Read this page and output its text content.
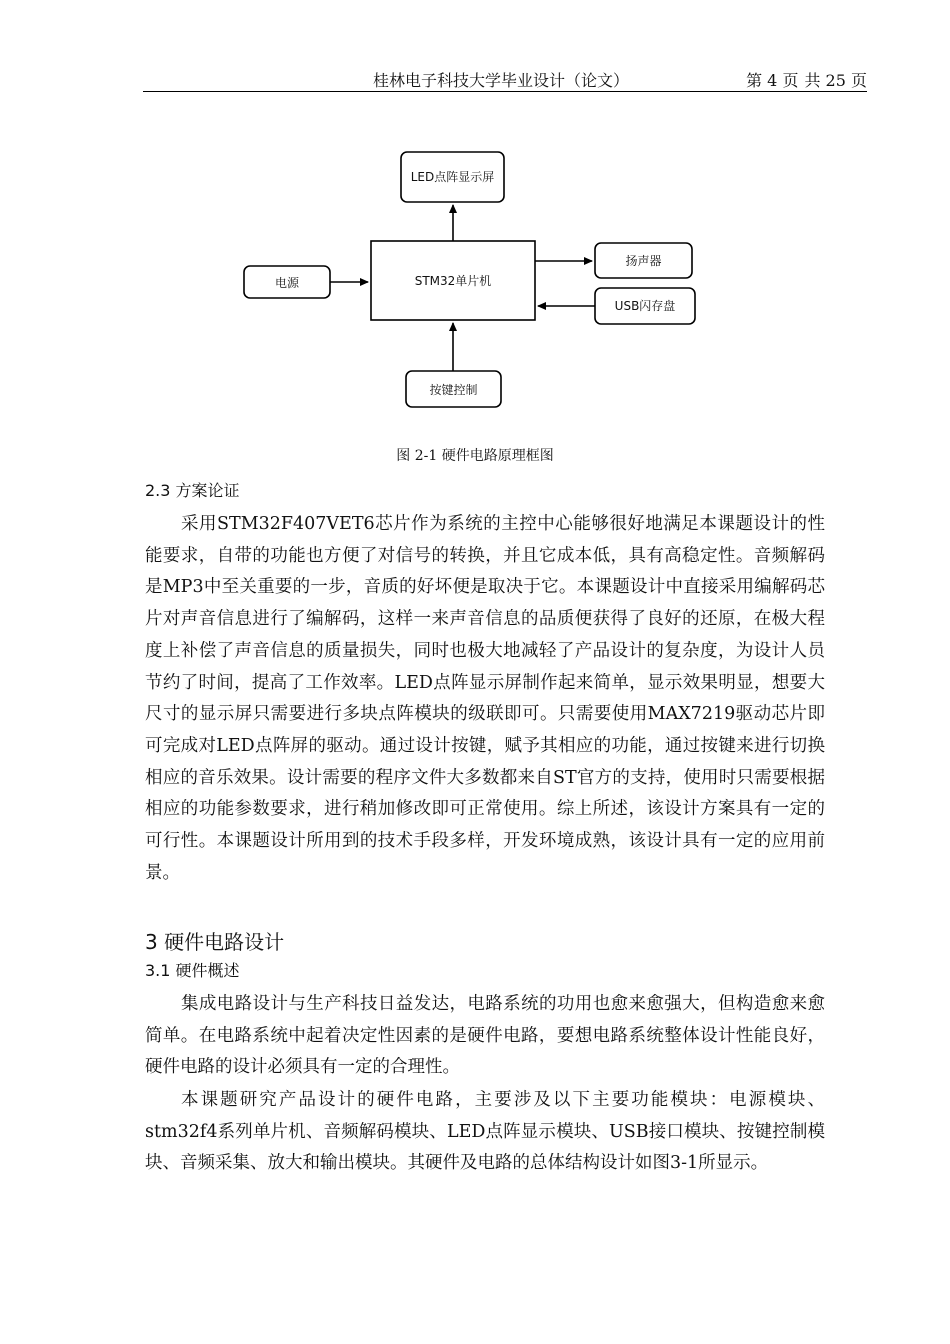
桂林电子科技大学毕业设计（论文）	第 4 页 共 25 页
LED点阵显示屏
STM32单片机
电源
扬声器
USB闪存盘
按键控制
图 2-1 硬件电路原理框图
2.3 方案论证
采用STM32F407VET6芯片作为系统的主控中心能够很好地满足本课题设计的性能要求，自带的功能也方便了对信号的转换，并且它成本低，具有高稳定性。音频解码是MP3中至关重要的一步，音质的好坏便是取决于它。本课题设计中直接采用编解码芯片对声音信息进行了编解码，这样一来声音信息的品质便获得了良好的还原，在极大程度上补偿了声音信息的质量损失，同时也极大地减轻了产品设计的复杂度，为设计人员节约了时间，提高了工作效率。LED点阵显示屏制作起来简单，显示效果明显，想要大尺寸的显示屏只需要进行多块点阵模块的级联即可。只需要使用MAX7219驱动芯片即可完成对LED点阵屏的驱动。通过设计按键，赋予其相应的功能，通过按键来进行切换相应的音乐效果。设计需要的程序文件大多数都来自ST官方的支持，使用时只需要根据相应的功能参数要求，进行稍加修改即可正常使用。综上所述，该设计方案具有一定的可行性。本课题设计所用到的技术手段多样，开发环境成熟，该设计具有一定的应用前景。
3 硬件电路设计
3.1 硬件概述
集成电路设计与生产科技日益发达，电路系统的功用也愈来愈强大，但构造愈来愈简单。在电路系统中起着决定性因素的是硬件电路，要想电路系统整体设计性能良好，硬件电路的设计必须具有一定的合理性。
本课题研究产品设计的硬件电路，主要涉及以下主要功能模块：电源模块、stm32f4系列单片机、音频解码模块、LED点阵显示模块、USB接口模块、按键控制模块、音频采集、放大和输出模块。其硬件及电路的总体结构设计如图3-1所显示。
